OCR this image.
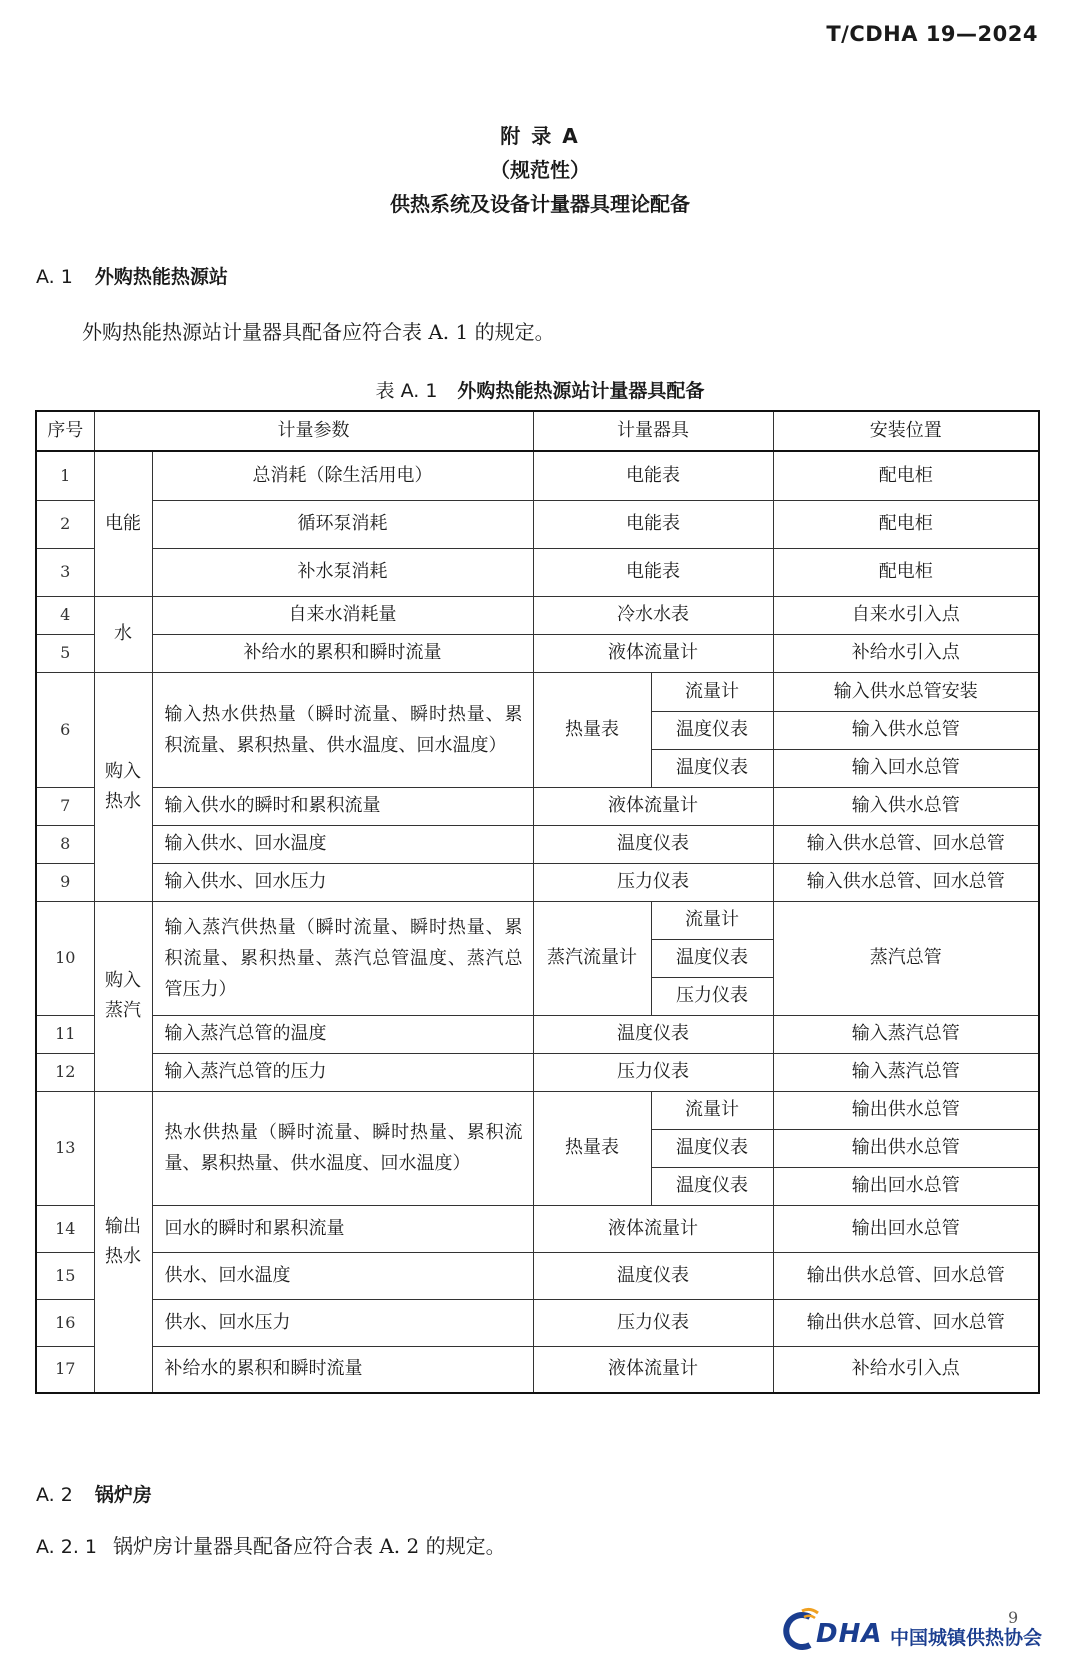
T/CDHA 19—2024
附 录 A
（规范性）
供热系统及设备计量器具理论配备
A. 1 外购热能热源站
外购热能热源站计量器具配备应符合表 A. 1 的规定。
表 A. 1 外购热能热源站计量器具配备
序号	计量参数		计量器具		安装位置
1	电能	总消耗（除生活用电）	电能表		配电柜
2		循环泵消耗	电能表		配电柜
3		补水泵消耗	电能表		配电柜
4	水	自来水消耗量	冷水水表		自来水引入点
5		补给水的累积和瞬时流量	液体流量计		补给水引入点
6	购入热水	输入热水供热量（瞬时流量、瞬时热量、累积流量、累积热量、供水温度、回水温度）	热量表	流量计	输入供水总管安装
				温度仪表	输入供水总管
				温度仪表	输入回水总管
7		输入供水的瞬时和累积流量	液体流量计		输入供水总管
8		输入供水、回水温度	温度仪表		输入供水总管、回水总管
9		输入供水、回水压力	压力仪表		输入供水总管、回水总管
10	购入蒸汽	输入蒸汽供热量（瞬时流量、瞬时热量、累积流量、累积热量、蒸汽总管温度、蒸汽总管压力）	蒸汽流量计	流量计	蒸汽总管
				温度仪表	
				压力仪表	
11		输入蒸汽总管的温度	温度仪表		输入蒸汽总管
12		输入蒸汽总管的压力	压力仪表		输入蒸汽总管
13	输出热水	热水供热量（瞬时流量、瞬时热量、累积流量、累积热量、供水温度、回水温度）	热量表	流量计	输出供水总管
				温度仪表	输出供水总管
				温度仪表	输出回水总管
14		回水的瞬时和累积流量	液体流量计		输出回水总管
15		供水、回水温度	温度仪表		输出供水总管、回水总管
16		供水、回水压力	压力仪表		输出供水总管、回水总管
17		补给水的累积和瞬时流量	液体流量计		补给水引入点
A. 2 锅炉房
A. 2. 1 锅炉房计量器具配备应符合表 A. 2 的规定。
DHA 中国城镇供热协会
9
